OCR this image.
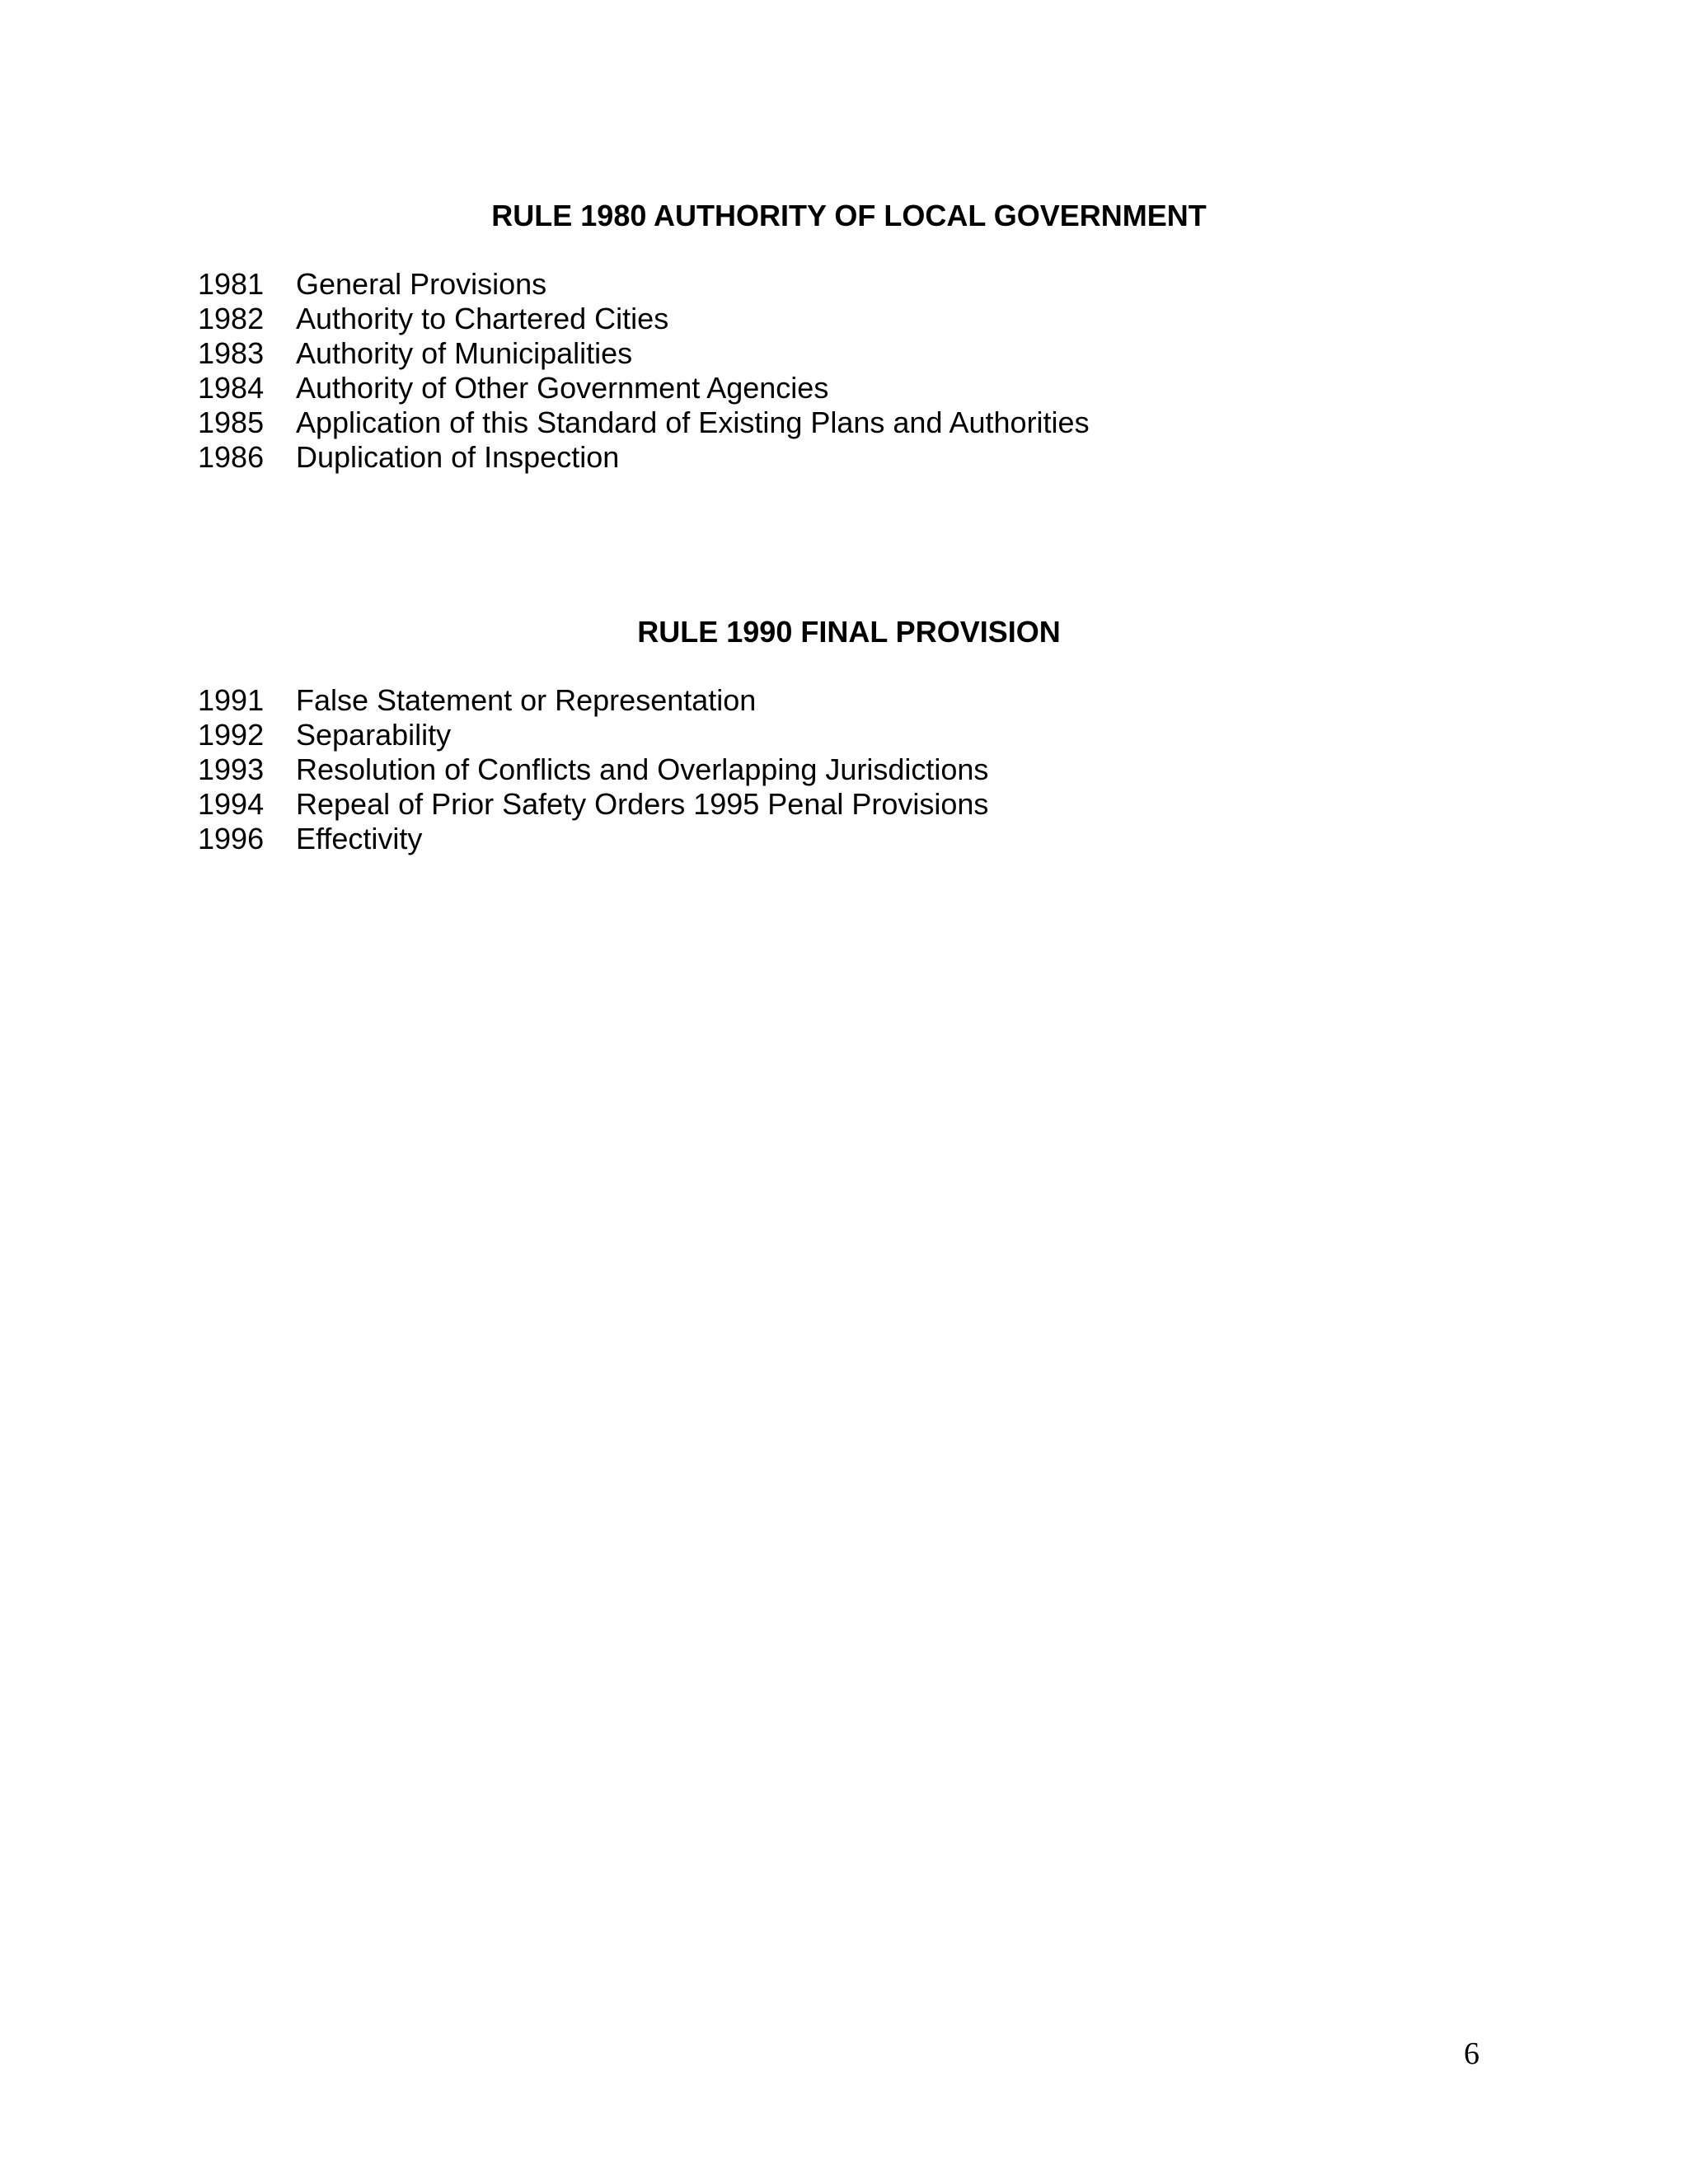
RULE 1980 AUTHORITY OF LOCAL GOVERNMENT
1981	General Provisions
1982	Authority to Chartered Cities
1983	Authority of Municipalities
1984	Authority of Other Government Agencies
1985	Application of this Standard of Existing Plans and Authorities
1986	Duplication of Inspection
RULE 1990 FINAL PROVISION
1991	False Statement or Representation
1992	Separability
1993	Resolution of Conflicts and Overlapping Jurisdictions
1994	Repeal of Prior Safety Orders 1995 Penal Provisions
1996	Effectivity
6
